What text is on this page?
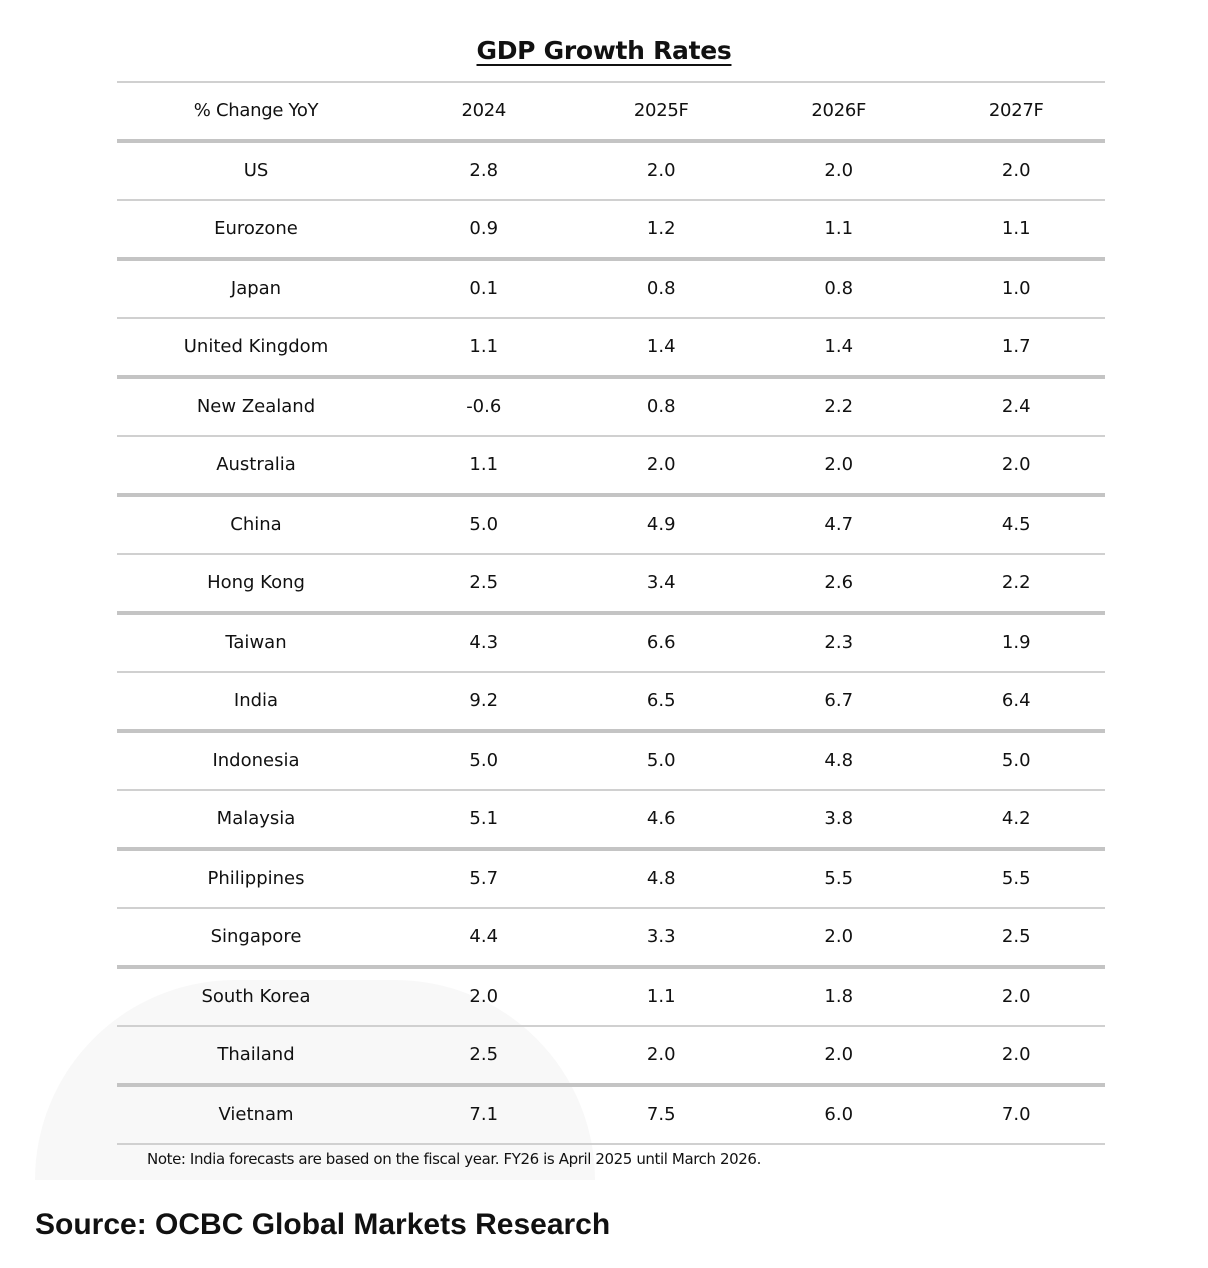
GDP Growth Rates
% Change YoY	2024	2025F	2026F	2027F
US	2.8	2.0	2.0	2.0
Eurozone	0.9	1.2	1.1	1.1
Japan	0.1	0.8	0.8	1.0
United Kingdom	1.1	1.4	1.4	1.7
New Zealand	-0.6	0.8	2.2	2.4
Australia	1.1	2.0	2.0	2.0
China	5.0	4.9	4.7	4.5
Hong Kong	2.5	3.4	2.6	2.2
Taiwan	4.3	6.6	2.3	1.9
India	9.2	6.5	6.7	6.4
Indonesia	5.0	5.0	4.8	5.0
Malaysia	5.1	4.6	3.8	4.2
Philippines	5.7	4.8	5.5	5.5
Singapore	4.4	3.3	2.0	2.5
South Korea	2.0	1.1	1.8	2.0
Thailand	2.5	2.0	2.0	2.0
Vietnam	7.1	7.5	6.0	7.0
Note: India forecasts are based on the fiscal year. FY26 is April 2025 until March 2026.
Source: OCBC Global Markets Research
